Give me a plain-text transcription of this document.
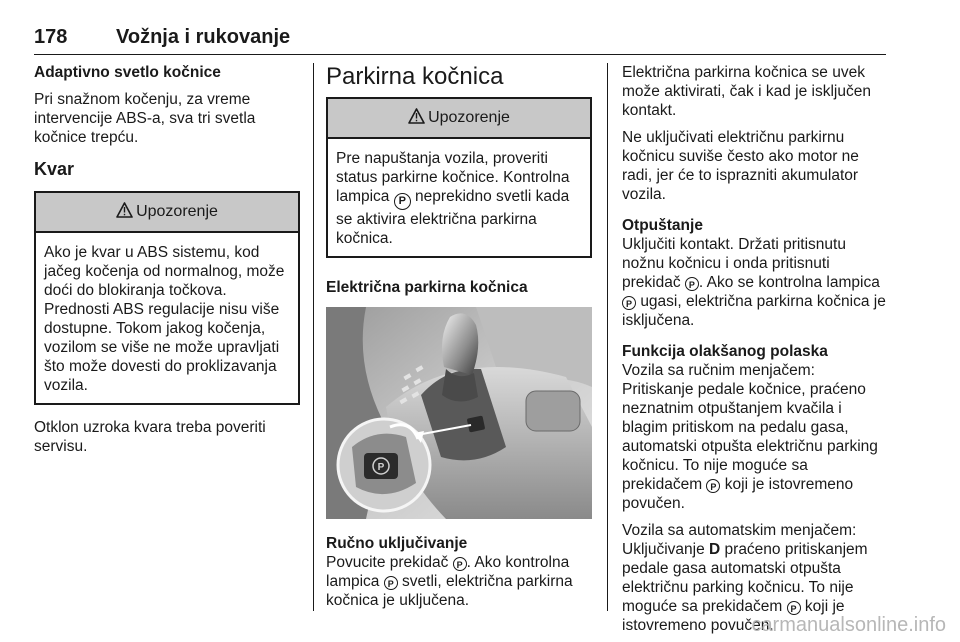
178 Vožnja i rukovanje
Adaptivno svetlo kočnice

Pri snažnom kočenju, za vreme intervencije ABS-a, sva tri svetla kočnice trepću.

Kvar
Upozorenje
Ako je kvar u ABS sistemu, kod jačeg kočenja od normalnog, može doći do blokiranja točkova. Prednosti ABS regulacije nisu više dostupne. Tokom jakog kočenja, vozilom se više ne može upravljati što može dovesti do proklizavanja vozila.

Otklon uzroka kvara treba poveriti servisu.

Parkirna kočnica
Upozorenje
Pre napuštanja vozila, proveriti status parkirne kočnice. Kontrolna lampica P neprekidno svetli kada se aktivira električna parkirna kočnica.
Električna parkirna kočnica
P
Ručno uključivanje

Povucite prekidač P . Ako kontrolna lampica P svetli, električna parkirna kočnica je uključena.

Električna parkirna kočnica se uvek može aktivirati, čak i kad je isključen kontakt.

Ne uključivati električnu parkirnu kočnicu suviše često ako motor ne radi, jer će to isprazniti akumulator vozila.

Otpuštanje

Uključiti kontakt. Držati pritisnutu nožnu kočnicu i onda pritisnuti prekidač P . Ako se kontrolna lampica P ugasi, električna parkirna kočnica je isključena.

Funkcija olakšanog polaska

Vozila sa ručnim menjačem: Pritiskanje pedale kočnice, praćeno neznatnim otpuštanjem kvačila i blagim pritiskom na pedalu gasa, automatski otpušta električnu parking kočnicu. To nije moguće sa prekidačem P koji je istovremeno povučen.

Vozila sa automatskim menjačem: Uključivanje D praćeno pritiskanjem pedale gasa automatski otpušta električnu parking kočnicu. To nije moguće sa prekidačem P koji je istovremeno povučen.

carmanualsonline.info
